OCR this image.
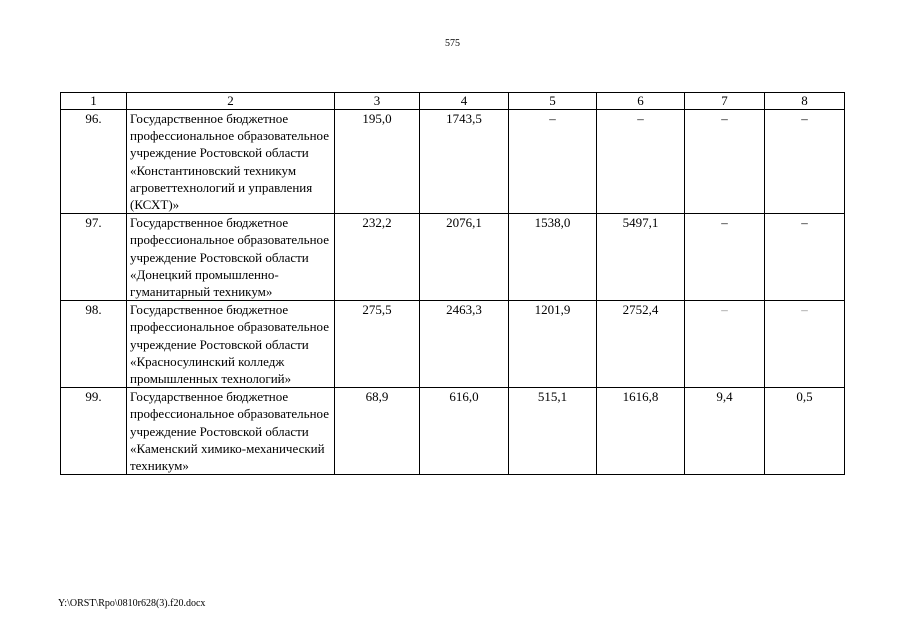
575
1	2	3	4	5	6	7	8
96.	Государственное бюджетное профессиональное образовательное учреждение Ростовской области «Константиновский техникум агроветтехнологий и управления (КСХТ)»	195,0	1743,5	–	–	–	–
97.	Государственное бюджетное профессиональное образовательное учреждение Ростовской области «Донецкий промышленно-гуманитарный техникум»	232,2	2076,1	1538,0	5497,1	–	–
98.	Государственное бюджетное профессиональное образовательное учреждение Ростовской области «Красносулинский колледж промышленных технологий»	275,5	2463,3	1201,9	2752,4	–	–
99.	Государственное бюджетное профессиональное образовательное учреждение Ростовской области «Каменский химико-механический техникум»	68,9	616,0	515,1	1616,8	9,4	0,5
Y:\ORST\Rpo\0810r628(3).f20.docx
